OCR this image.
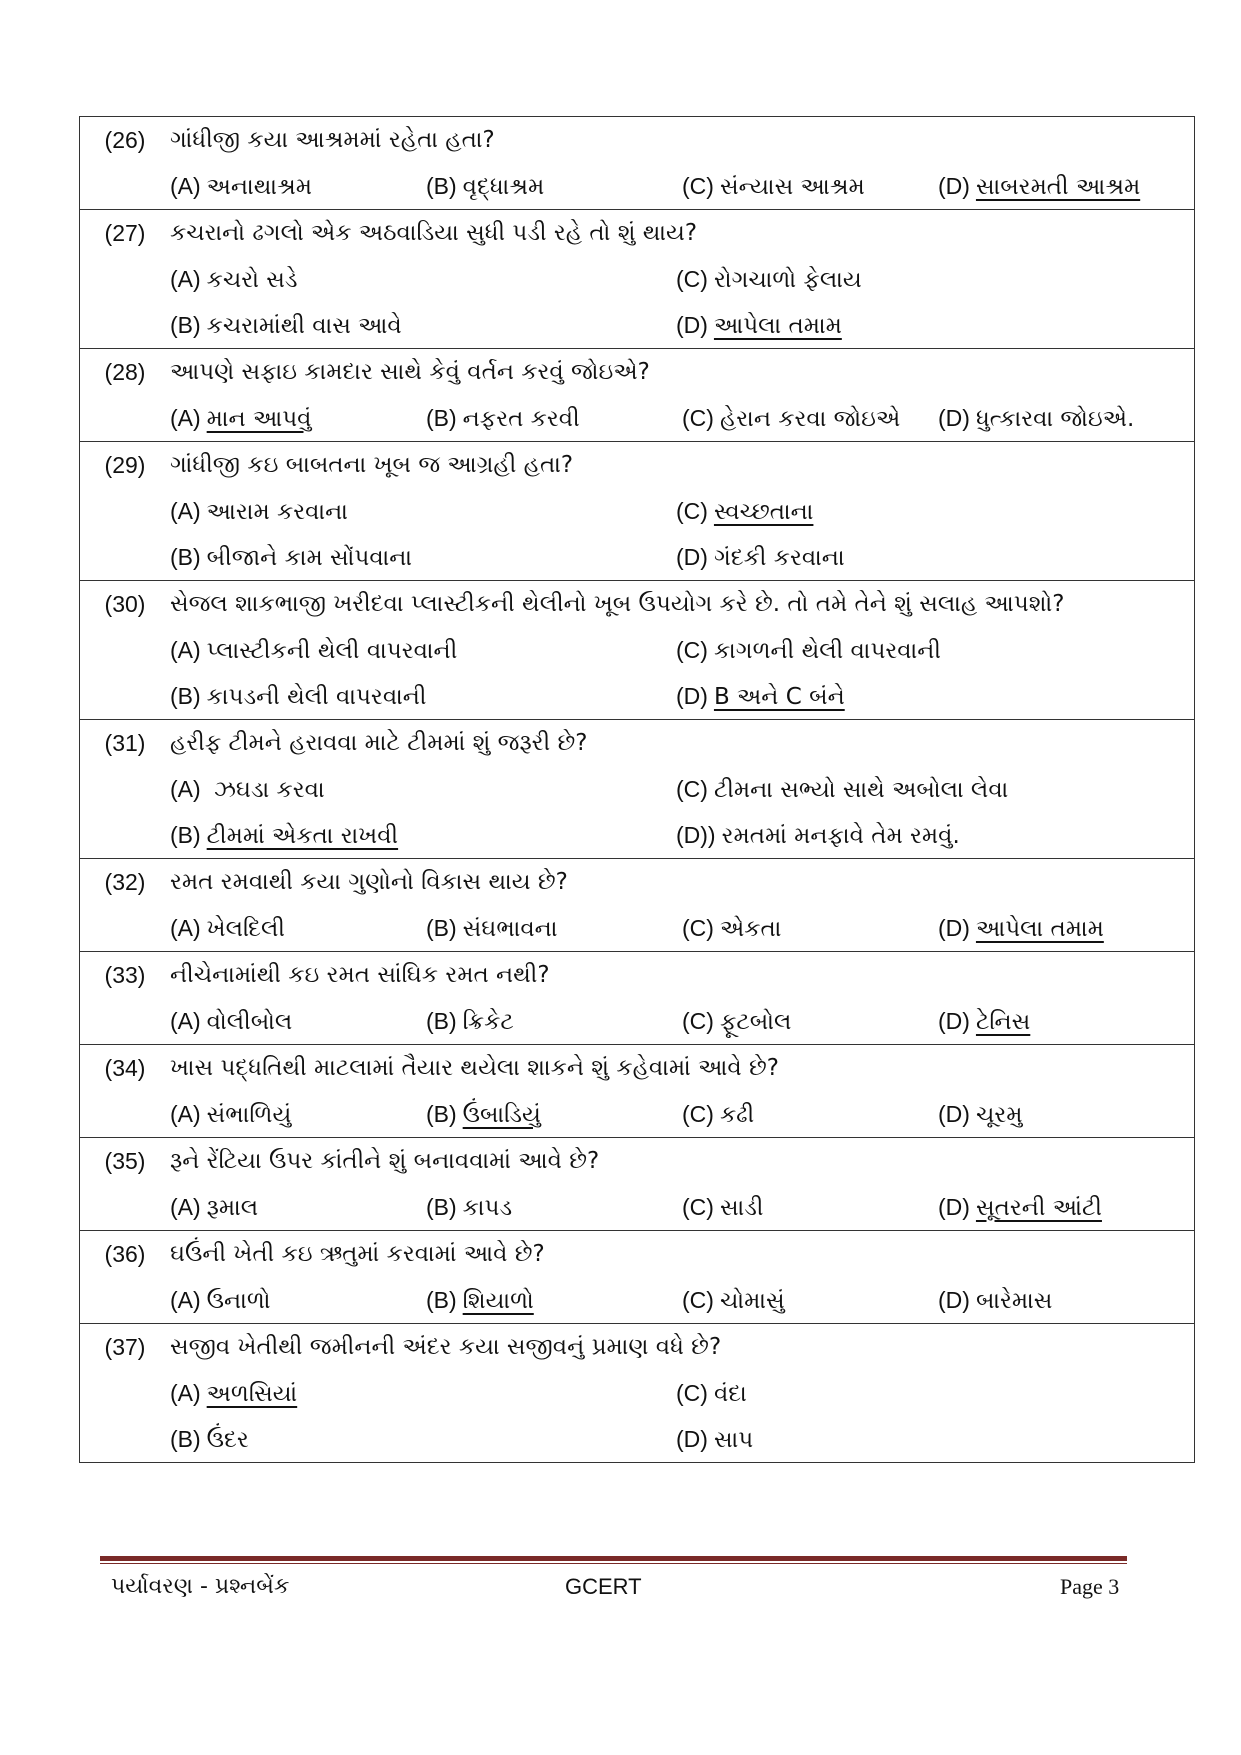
(26)	ગાંધીજી કયા આશ્રમમાં રહેતા હતા?
(A) અનાથાશ્રમ	(B) વૃદ્ધાશ્રમ	(C) સંન્યાસ આશ્રમ	(D) સાબરમતી આશ્રમ
(27)	કચરાનો ઢગલો એક અઠવાડિયા સુધી પડી રહે તો શું થાય?
(A) કચરો સડે	(C) રોગચાળો ફેલાય
(B) કચરામાંથી વાસ આવે	(D) આપેલા તમામ
(28)	આપણે સફાઇ કામદાર સાથે કેવું વર્તન કરવું જોઇએ?
(A) માન આપવું	(B) નફરત કરવી	(C) હેરાન કરવા જોઇએ	(D) ધુત્કારવા જોઇએ.
(29)	ગાંધીજી કઇ બાબતના ખૂબ જ આગ્રહી હતા?
(A) આરામ કરવાના	(C) સ્વચ્છતાના
(B) બીજાને કામ સોંપવાના	(D) ગંદકી કરવાના
(30)	સેજલ શાકભાજી ખરીદવા પ્લાસ્ટીકની થેલીનો ખૂબ ઉપયોગ કરે છે. તો તમે તેને શું સલાહ આપશો?
(A) પ્લાસ્ટીકની થેલી વાપરવાની	(C) કાગળની થેલી વાપરવાની
(B) કાપડની થેલી વાપરવાની	(D) B અને C બંને
(31)	હરીફ ટીમને હરાવવા માટે ટીમમાં શું જરૂરી છે?
(A) ઝઘડા કરવા	(C) ટીમના સભ્યો સાથે અબોલા લેવા
(B) ટીમમાં એકતા રાખવી	(D)) રમતમાં મનફાવે તેમ રમવું.
(32)	રમત રમવાથી કયા ગુણોનો વિકાસ થાય છે?
(A) ખેલદિલી	(B) સંઘભાવના	(C) એકતા	(D) આપેલા તમામ
(33)	નીચેનામાંથી કઇ રમત સાંઘિક રમત નથી?
(A) વોલીબોલ	(B) ક્રિકેટ	(C) ફૂટબોલ	(D) ટેનિસ
(34)	ખાસ પદ્ધતિથી માટલામાં તૈયાર થયેલા શાકને શું કહેવામાં આવે છે?
(A) સંભાળિયું	(B) ઉંબાડિયું	(C) કઢી	(D) ચૂરમુ
(35)	રૂને રેંટિયા ઉપર કાંતીને શું બનાવવામાં આવે છે?
(A) રૂમાલ	(B) કાપડ	(C) સાડી	(D) સૂતરની આંટી
(36)	ઘઉંની ખેતી કઇ ઋતુમાં કરવામાં આવે છે?
(A) ઉનાળો	(B) શિયાળો	(C) ચોમાસું	(D) બારેમાસ
(37)	સજીવ ખેતીથી જમીનની અંદર કયા સજીવનું પ્રમાણ વધે છે?
(A) અળસિયાં	(C) વંદા
(B) ઉંદર	(D) સાપ
પર્યાવરણ - પ્રશ્નબેંક	GCERT	Page 3
